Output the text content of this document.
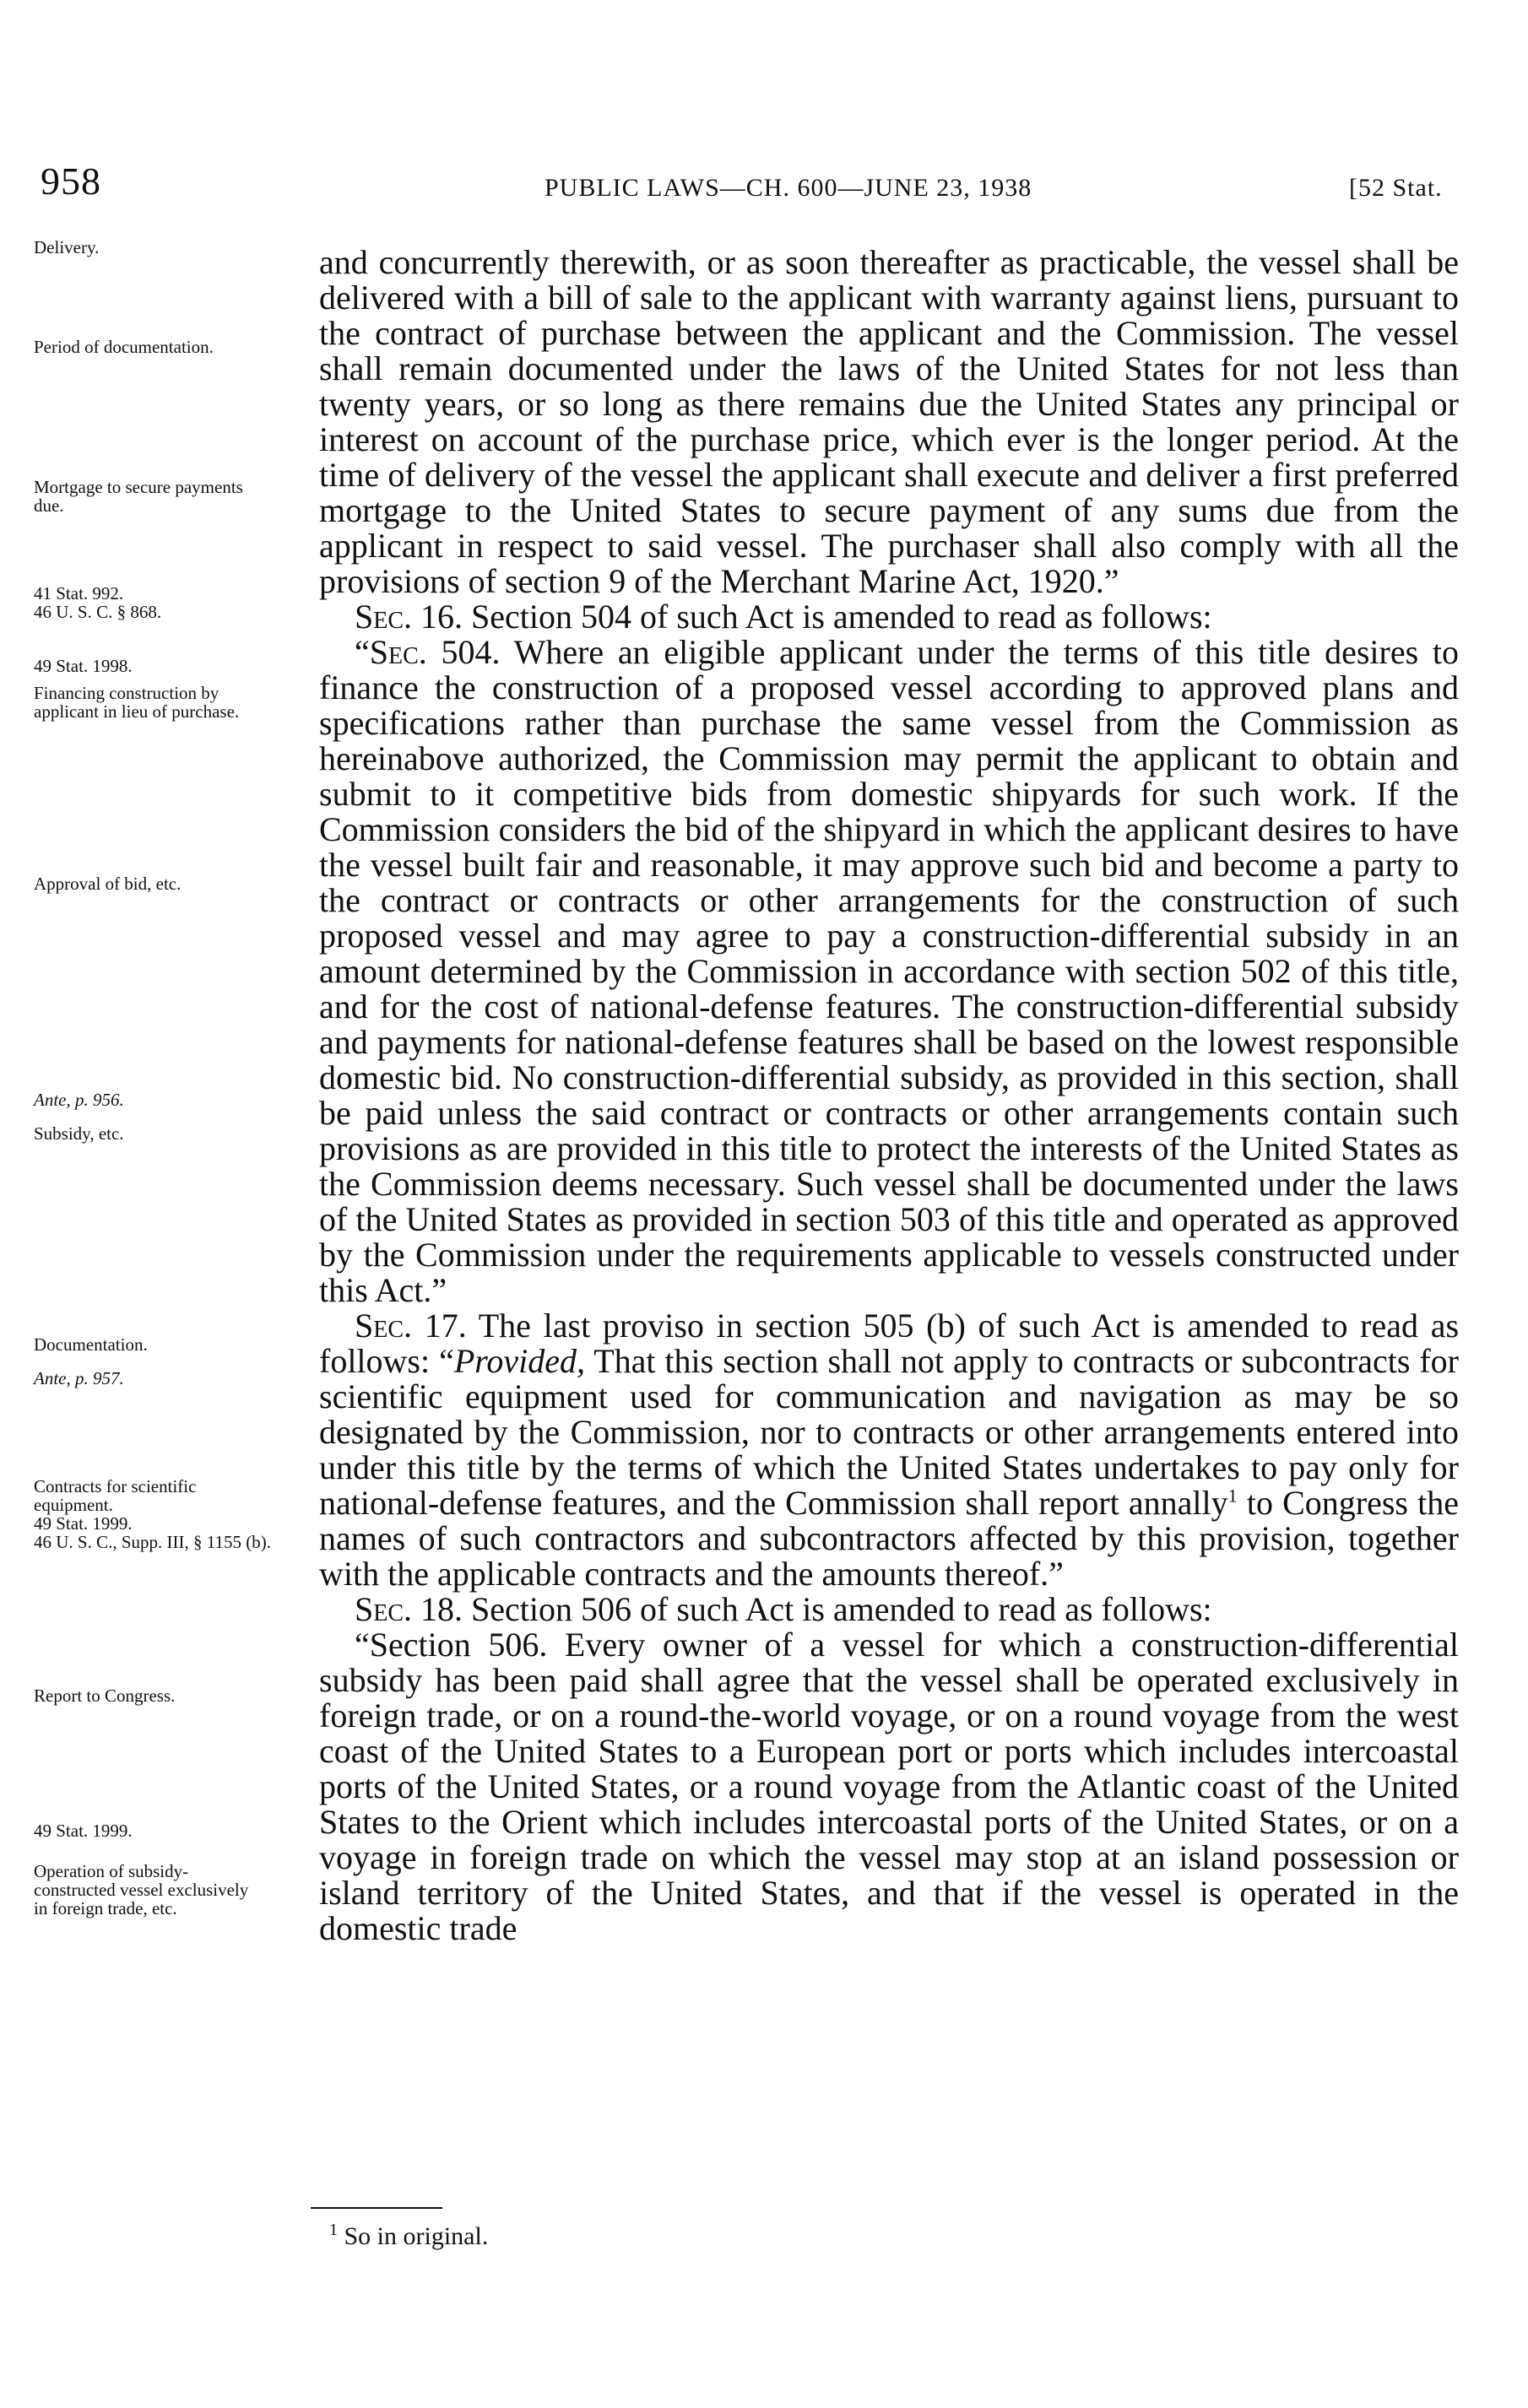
958	PUBLIC LAWS—CH. 600—JUNE 23, 1938	[52 Stat.
Delivery.
Period of documentation.
Mortgage to secure payments due.
41 Stat. 992.
46 U. S. C. § 868.
49 Stat. 1998.
Financing construction by applicant in lieu of purchase.
Approval of bid, etc.
Ante, p. 956.
Subsidy, etc.
Documentation.
Ante, p. 957.
Contracts for scientific equipment.
49 Stat. 1999.
46 U. S. C., Supp. III, § 1155 (b).
Report to Congress.
49 Stat. 1999.
Operation of subsidy-constructed vessel exclusively in foreign trade, etc.

and concurrently therewith, or as soon thereafter as practicable, the vessel shall be delivered with a bill of sale to the applicant with warranty against liens, pursuant to the contract of purchase between the applicant and the Commission. The vessel shall remain documented under the laws of the United States for not less than twenty years, or so long as there remains due the United States any principal or interest on account of the purchase price, which ever is the longer period. At the time of delivery of the vessel the applicant shall execute and deliver a first preferred mortgage to the United States to secure payment of any sums due from the applicant in respect to said vessel. The purchaser shall also comply with all the provisions of section 9 of the Merchant Marine Act, 1920.”

Sec. 16. Section 504 of such Act is amended to read as follows:

“Sec. 504. Where an eligible applicant under the terms of this title desires to finance the construction of a proposed vessel according to approved plans and specifications rather than purchase the same vessel from the Commission as hereinabove authorized, the Commission may permit the applicant to obtain and submit to it competitive bids from domestic shipyards for such work. If the Commission considers the bid of the shipyard in which the applicant desires to have the vessel built fair and reasonable, it may approve such bid and become a party to the contract or contracts or other arrangements for the construction of such proposed vessel and may agree to pay a construction-differential subsidy in an amount determined by the Commission in accordance with section 502 of this title, and for the cost of national-defense features. The construction-differential subsidy and payments for national-defense features shall be based on the lowest responsible domestic bid. No construction-differential subsidy, as provided in this section, shall be paid unless the said contract or contracts or other arrangements contain such provisions as are provided in this title to protect the interests of the United States as the Commission deems necessary. Such vessel shall be documented under the laws of the United States as provided in section 503 of this title and operated as approved by the Commission under the requirements applicable to vessels constructed under this Act.”

Sec. 17. The last proviso in section 505 (b) of such Act is amended to read as follows: “Provided, That this section shall not apply to contracts or subcontracts for scientific equipment used for communication and navigation as may be so designated by the Commission, nor to contracts or other arrangements entered into under this title by the terms of which the United States undertakes to pay only for national-defense features, and the Commission shall report annally$^1$ to Congress the names of such contractors and subcontractors affected by this provision, together with the applicable contracts and the amounts thereof.”

Sec. 18. Section 506 of such Act is amended to read as follows:

“Section 506. Every owner of a vessel for which a construction-differential subsidy has been paid shall agree that the vessel shall be operated exclusively in foreign trade, or on a round-the-world voyage, or on a round voyage from the west coast of the United States to a European port or ports which includes intercoastal ports of the United States, or a round voyage from the Atlantic coast of the United States to the Orient which includes intercoastal ports of the United States, or on a voyage in foreign trade on which the vessel may stop at an island possession or island territory of the United States, and that if the vessel is operated in the domestic trade

$^1$ So in original.
